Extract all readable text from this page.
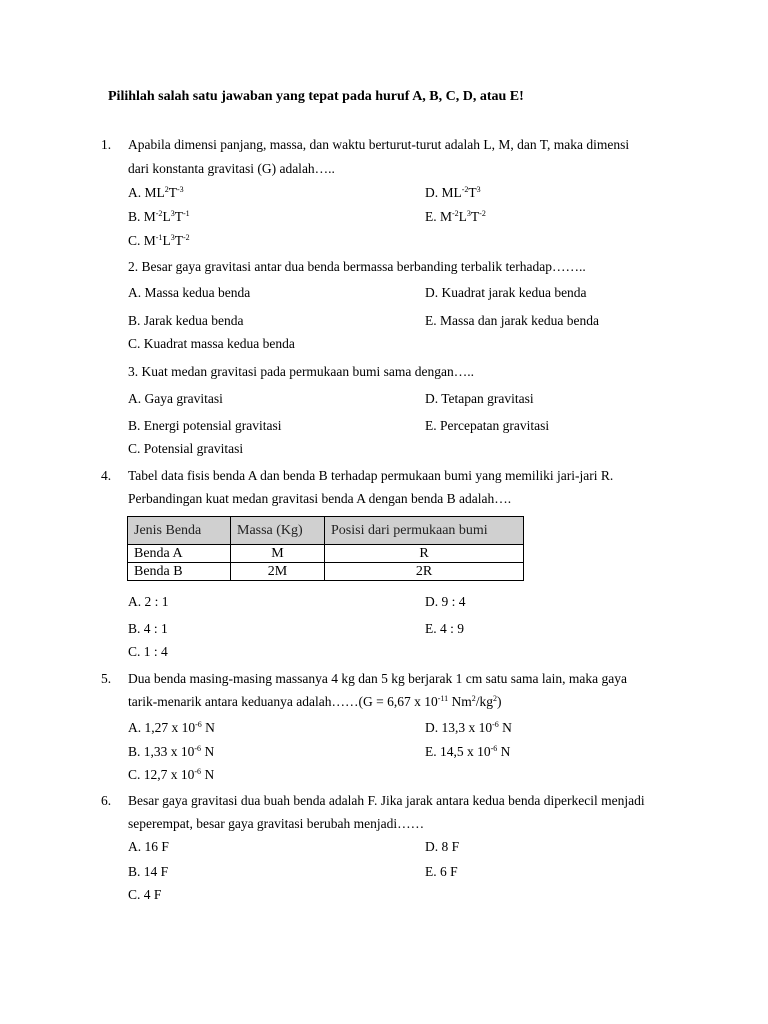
Pilihlah salah satu jawaban yang tepat pada huruf A, B, C, D, atau E!
1. Apabila dimensi panjang, massa, dan waktu berturut-turut adalah L, M, dan T, maka dimensi
dari konstanta gravitasi (G) adalah…..
A. $ML^2T^{-3}$	D. $ML^{-2}T^3$
B. $M^{-2}L^3T^{-1}$	E. $M^{-2}L^3T^{-2}$
C. $M^{-1}L^3T^{-2}$
2. Besar gaya gravitasi antar dua benda bermassa berbanding terbalik terhadap……..
A. Massa kedua benda	D. Kuadrat jarak kedua benda
B. Jarak kedua benda	E. Massa dan jarak kedua benda
C. Kuadrat massa kedua benda
3. Kuat medan gravitasi pada permukaan bumi sama dengan…..
A. Gaya gravitasi	D. Tetapan gravitasi
B. Energi potensial gravitasi	E. Percepatan gravitasi
C. Potensial gravitasi
4. Tabel data fisis benda A dan benda B terhadap permukaan bumi yang memiliki jari-jari R.
Perbandingan kuat medan gravitasi benda A dengan benda B adalah….
Jenis Benda	Massa (Kg)	Posisi dari permukaan bumi
Benda A	M	R
Benda B	2M	2R
A. 2 : 1	D. 9 : 4
B. 4 : 1	E. 4 : 9
C. 1 : 4
5. Dua benda masing-masing massanya 4 kg dan 5 kg berjarak 1 cm satu sama lain, maka gaya
tarik-menarik antara keduanya adalah……(G = 6,67 x $10^{-11}$ $Nm^2/kg^2$)
A. 1,27 x $10^{-6}$ N	D. 13,3 x $10^{-6}$ N
B. 1,33 x $10^{-6}$ N	E. 14,5 x $10^{-6}$ N
C. 12,7 x $10^{-6}$ N
6. Besar gaya gravitasi dua buah benda adalah F. Jika jarak antara kedua benda diperkecil menjadi
seperempat, besar gaya gravitasi berubah menjadi……
A. 16 F	D. 8 F
B. 14 F	E. 6 F
C. 4 F
